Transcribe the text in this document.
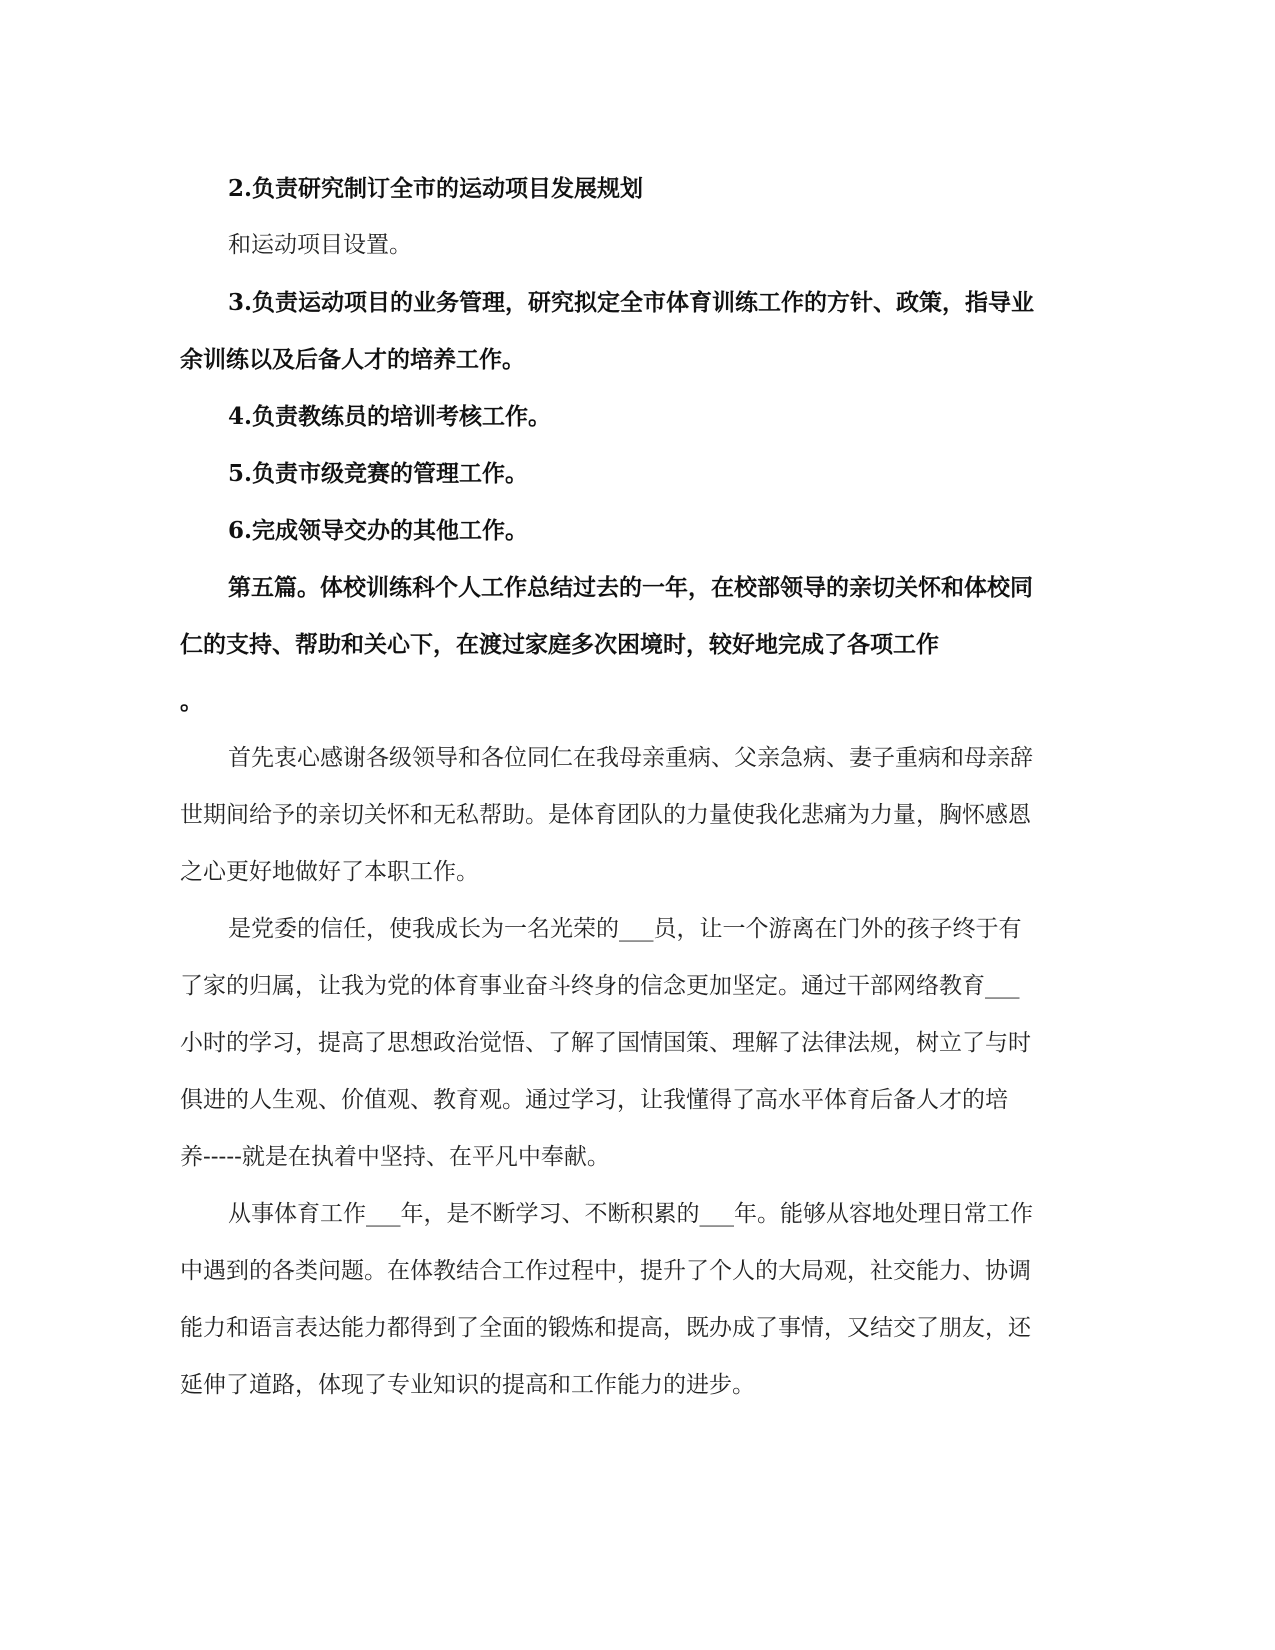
2.负责研究制订全市的运动项目发展规划

和运动项目设置。

3.负责运动项目的业务管理，研究拟定全市体育训练工作的方针、政策，指导业余训练以及后备人才的培养工作。

4.负责教练员的培训考核工作。

5.负责市级竞赛的管理工作。

6.完成领导交办的其他工作。

第五篇。体校训练科个人工作总结过去的一年，在校部领导的亲切关怀和体校同仁的支持、帮助和关心下，在渡过家庭多次困境时，较好地完成了各项工作

。

首先衷心感谢各级领导和各位同仁在我母亲重病、父亲急病、妻子重病和母亲辞世期间给予的亲切关怀和无私帮助。是体育团队的力量使我化悲痛为力量，胸怀感恩之心更好地做好了本职工作。

是党委的信任，使我成长为一名光荣的___员，让一个游离在门外的孩子终于有了家的归属，让我为党的体育事业奋斗终身的信念更加坚定。通过干部网络教育___小时的学习，提高了思想政治觉悟、了解了国情国策、理解了法律法规，树立了与时俱进的人生观、价值观、教育观。通过学习，让我懂得了高水平体育后备人才的培养-----就是在执着中坚持、在平凡中奉献。

从事体育工作___年，是不断学习、不断积累的___年。能够从容地处理日常工作中遇到的各类问题。在体教结合工作过程中，提升了个人的大局观，社交能力、协调能力和语言表达能力都得到了全面的锻炼和提高，既办成了事情，又结交了朋友，还延伸了道路，体现了专业知识的提高和工作能力的进步。
